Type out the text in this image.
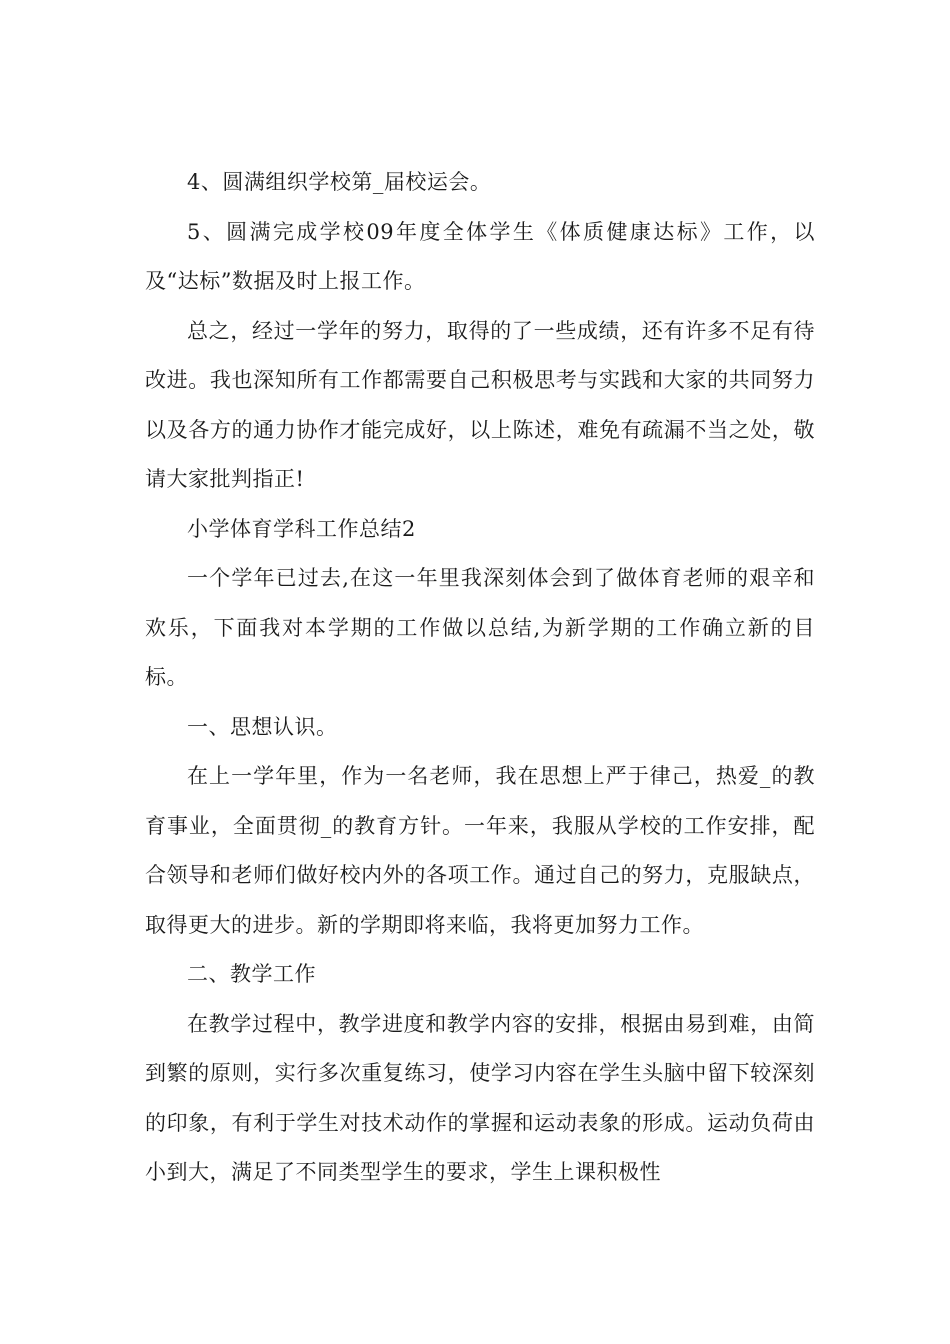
4、圆满组织学校第_届校运会。

5、圆满完成学校09年度全体学生《体质健康达标》工作，以及“达标”数据及时上报工作。

总之，经过一学年的努力，取得的了一些成绩，还有许多不足有待改进。我也深知所有工作都需要自己积极思考与实践和大家的共同努力以及各方的通力协作才能完成好，以上陈述，难免有疏漏不当之处，敬请大家批判指正!

小学体育学科工作总结2

一个学年已过去,在这一年里我深刻体会到了做体育老师的艰辛和欢乐，下面我对本学期的工作做以总结,为新学期的工作确立新的目标。

一、思想认识。

在上一学年里，作为一名老师，我在思想上严于律己，热爱_的教育事业，全面贯彻_的教育方针。一年来，我服从学校的工作安排，配合领导和老师们做好校内外的各项工作。通过自己的努力，克服缺点，取得更大的进步。新的学期即将来临，我将更加努力工作。

二、教学工作

在教学过程中，教学进度和教学内容的安排，根据由易到难，由简到繁的原则，实行多次重复练习，使学习内容在学生头脑中留下较深刻的印象，有利于学生对技术动作的掌握和运动表象的形成。运动负荷由小到大，满足了不同类型学生的要求，学生上课积极性
